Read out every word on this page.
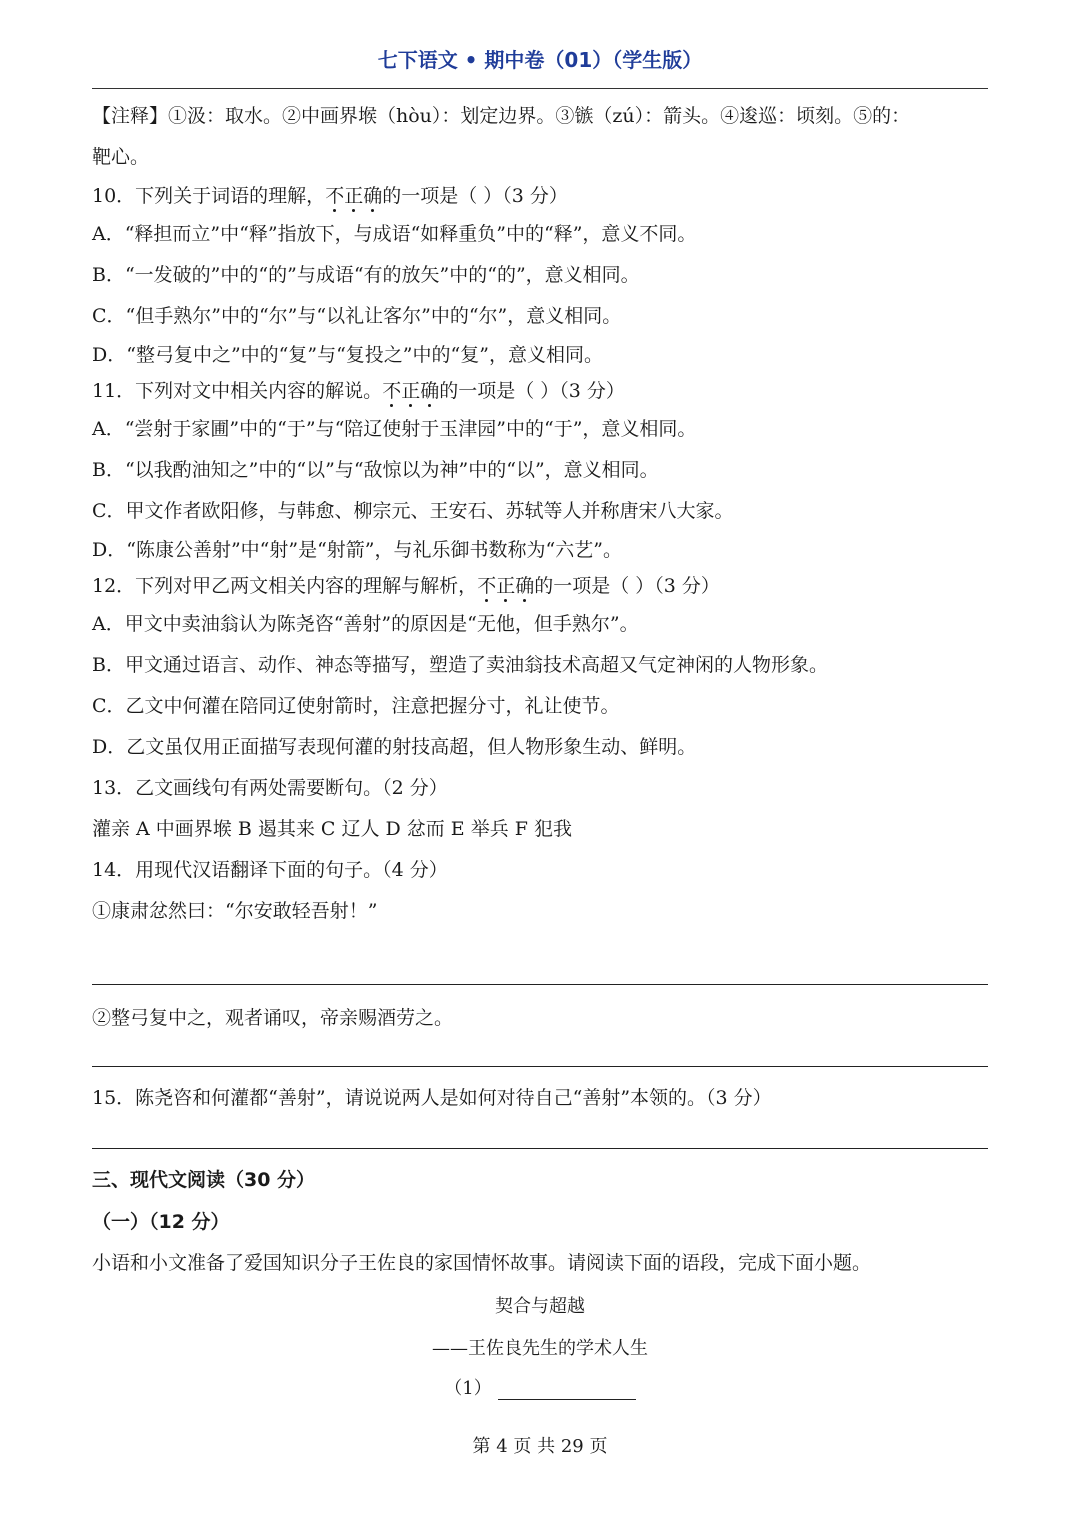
七下语文 • 期中卷（01）（学生版）
【注释】①汲：取水。②中画界堠（hòu）：划定边界。③镞（zú）：箭头。④逡巡：顷刻。⑤的：
靶心。
10．下列关于词语的理解，不正确的一项是（ ）（3 分）
A．“释担而立”中“释”指放下，与成语“如释重负”中的“释”，意义不同。
B．“一发破的”中的“的”与成语“有的放矢”中的“的”，意义相同。
C．“但手熟尔”中的“尔”与“以礼让客尔”中的“尔”，意义相同。
D．“整弓复中之”中的“复”与“复投之”中的“复”，意义相同。
11．下列对文中相关内容的解说。不正确的一项是（ ）（3 分）
A．“尝射于家圃”中的“于”与“陪辽使射于玉津园”中的“于”，意义相同。
B．“以我酌油知之”中的“以”与“敌惊以为神”中的“以”，意义相同。
C．甲文作者欧阳修，与韩愈、柳宗元、王安石、苏轼等人并称唐宋八大家。
D．“陈康公善射”中“射”是“射箭”，与礼乐御书数称为“六艺”。
12．下列对甲乙两文相关内容的理解与解析，不正确的一项是（ ）（3 分）
A．甲文中卖油翁认为陈尧咨“善射”的原因是“无他，但手熟尔”。
B．甲文通过语言、动作、神态等描写，塑造了卖油翁技术高超又气定神闲的人物形象。
C．乙文中何灌在陪同辽使射箭时，注意把握分寸，礼让使节。
D．乙文虽仅用正面描写表现何灌的射技高超，但人物形象生动、鲜明。
13．乙文画线句有两处需要断句。（2 分）
灌亲 A 中画界堠 B 遏其来 C 辽人 D 忿而 E 举兵 F 犯我
14．用现代汉语翻译下面的句子。（4 分）
①康肃忿然曰：“尔安敢轻吾射！”
②整弓复中之，观者诵叹，帝亲赐酒劳之。
15．陈尧咨和何灌都“善射”，请说说两人是如何对待自己“善射”本领的。（3 分）
三、现代文阅读（30 分）
（一）（12 分）
小语和小文准备了爱国知识分子王佐良的家国情怀故事。请阅读下面的语段，完成下面小题。
契合与超越
——王佐良先生的学术人生
（1）
第 4 页 共 29 页
